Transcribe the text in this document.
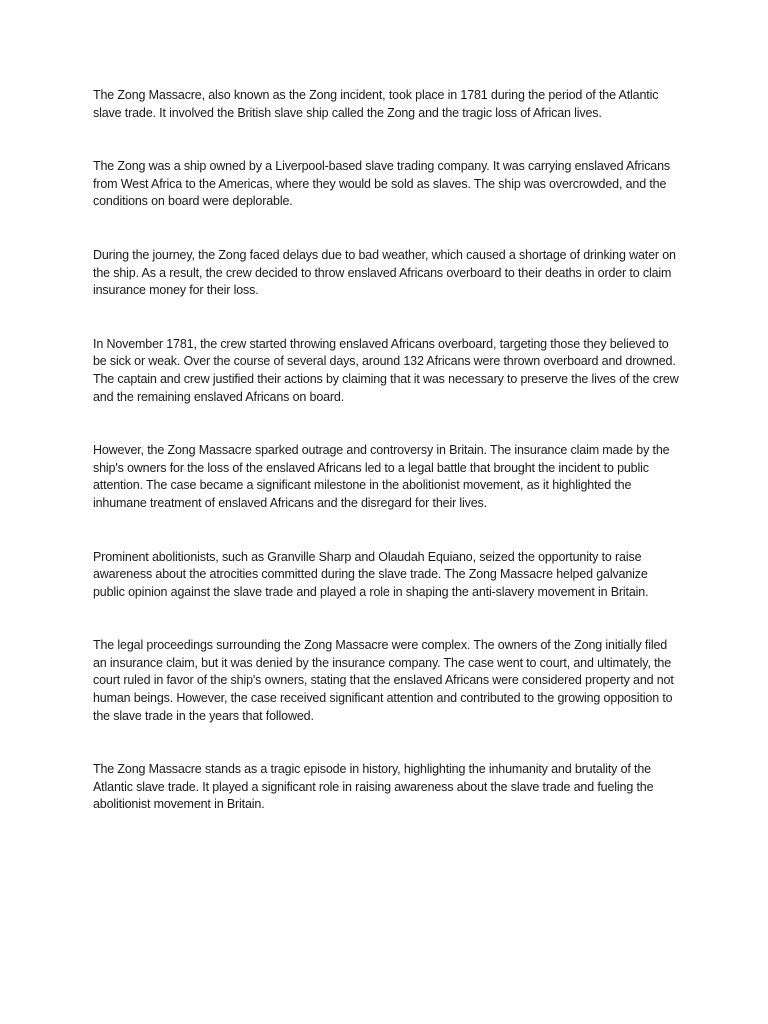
The Zong Massacre, also known as the Zong incident, took place in 1781 during the period of the Atlantic slave trade. It involved the British slave ship called the Zong and the tragic loss of African lives.

The Zong was a ship owned by a Liverpool-based slave trading company. It was carrying enslaved Africans from West Africa to the Americas, where they would be sold as slaves. The ship was overcrowded, and the conditions on board were deplorable.

During the journey, the Zong faced delays due to bad weather, which caused a shortage of drinking water on the ship. As a result, the crew decided to throw enslaved Africans overboard to their deaths in order to claim insurance money for their loss.

In November 1781, the crew started throwing enslaved Africans overboard, targeting those they believed to be sick or weak. Over the course of several days, around 132 Africans were thrown overboard and drowned. The captain and crew justified their actions by claiming that it was necessary to preserve the lives of the crew and the remaining enslaved Africans on board.

However, the Zong Massacre sparked outrage and controversy in Britain. The insurance claim made by the ship's owners for the loss of the enslaved Africans led to a legal battle that brought the incident to public attention. The case became a significant milestone in the abolitionist movement, as it highlighted the inhumane treatment of enslaved Africans and the disregard for their lives.

Prominent abolitionists, such as Granville Sharp and Olaudah Equiano, seized the opportunity to raise awareness about the atrocities committed during the slave trade. The Zong Massacre helped galvanize public opinion against the slave trade and played a role in shaping the anti-slavery movement in Britain.

The legal proceedings surrounding the Zong Massacre were complex. The owners of the Zong initially filed an insurance claim, but it was denied by the insurance company. The case went to court, and ultimately, the court ruled in favor of the ship's owners, stating that the enslaved Africans were considered property and not human beings. However, the case received significant attention and contributed to the growing opposition to the slave trade in the years that followed.

The Zong Massacre stands as a tragic episode in history, highlighting the inhumanity and brutality of the Atlantic slave trade. It played a significant role in raising awareness about the slave trade and fueling the abolitionist movement in Britain.
